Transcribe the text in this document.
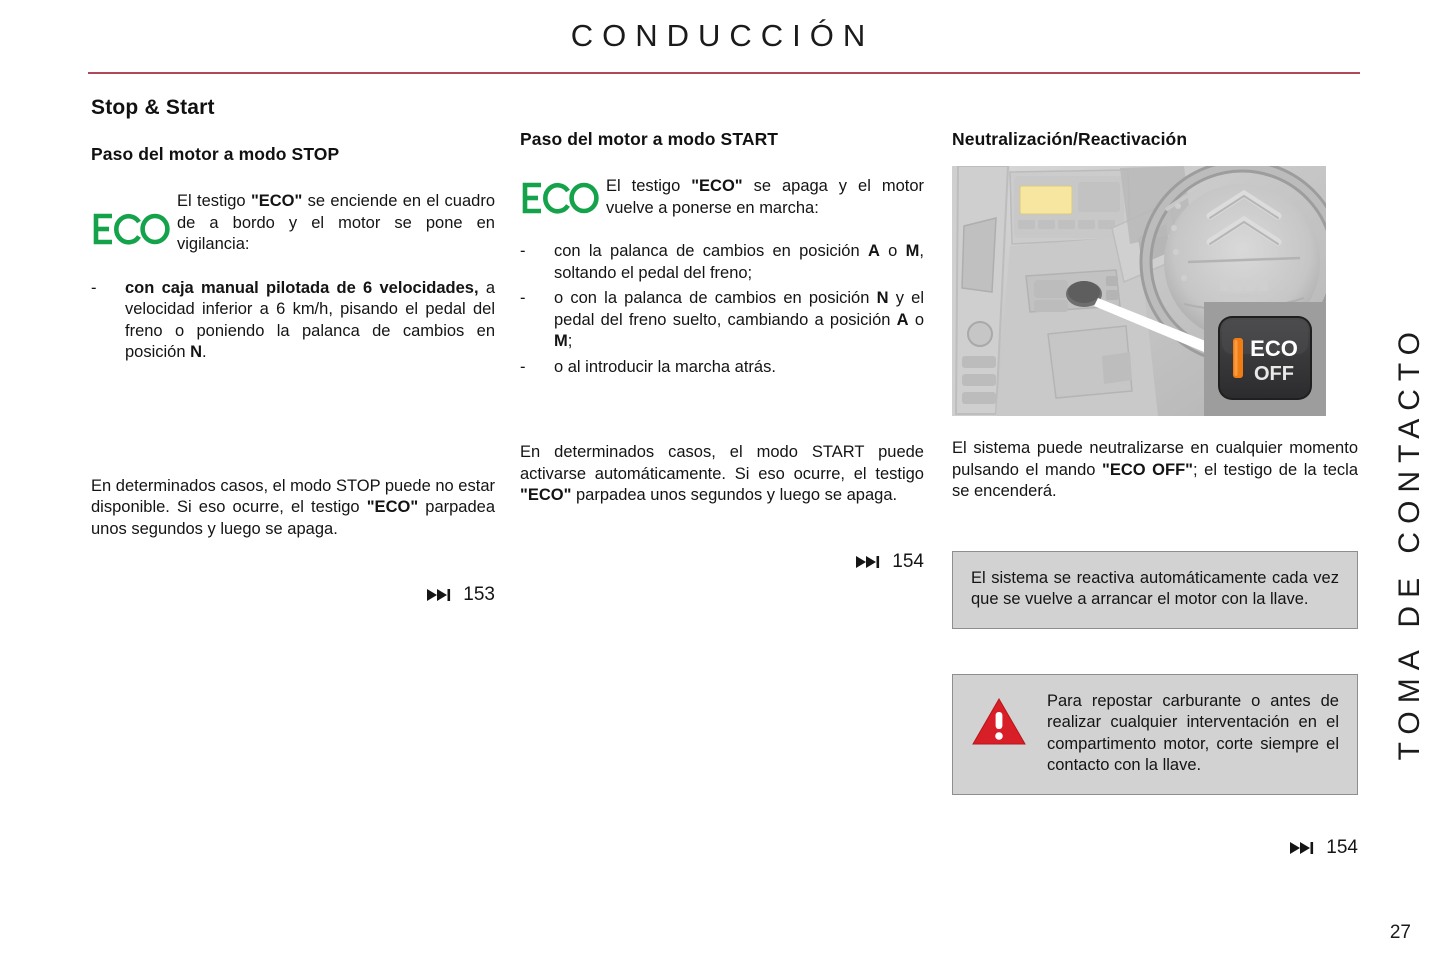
CONDUCCIÓN
TOMA DE CONTACTO
27
Stop & Start
Paso del motor a modo STOP

El testigo "ECO" se enciende en el cuadro de a bordo y el motor se pone en vigilancia:

- con caja manual pilotada de 6 velocidades, a velocidad inferior a 6 km/h, pisando el pedal del freno o poniendo la palanca de cambios en posición N.

En determinados casos, el modo STOP puede no estar disponible. Si eso ocurre, el testigo "ECO" parpadea unos segundos y luego se apaga.

153
Paso del motor a modo START

El testigo "ECO" se apaga y el motor vuelve a ponerse en marcha:

- con la palanca de cambios en posición A o M, soltando el pedal del freno;
- o con la palanca de cambios en posición N y el pedal del freno suelto, cambiando a posición A o M;
- o al introducir la marcha atrás.

En determinados casos, el modo START puede activarse automáticamente. Si eso ocurre, el testigo "ECO" parpadea unos segundos y luego se apaga.

154
Neutralización/Reactivación
ECO
OFF

El sistema puede neutralizarse en cualquier momento pulsando el mando "ECO OFF"; el testigo de la tecla se encenderá.

El sistema se reactiva automáticamente cada vez que se vuelve a arrancar el motor con la llave.

Para repostar carburante o antes de realizar cualquier interventación en el compartimento motor, corte siempre el contacto con la llave.

154
